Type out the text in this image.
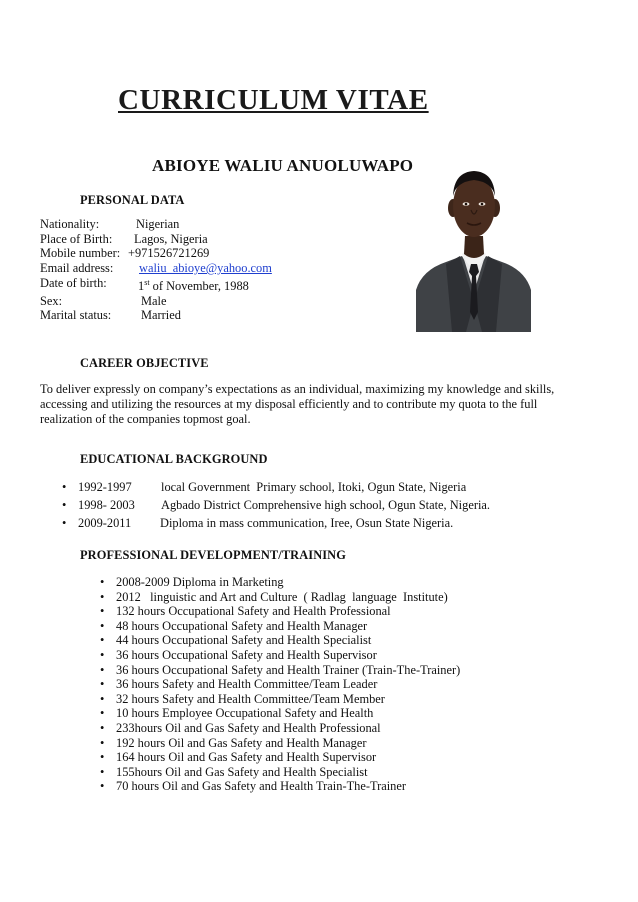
CURRICULUM VITAE
ABIOYE WALIU ANUOLUWAPO
PERSONAL DATA
Nationality:	Nigerian
Place of Birth:	Lagos, Nigeria
Mobile number: +971526721269
Email address:	waliu_abioye@yahoo.com
Date of birth:	1st of November, 1988
Sex:	Male
Marital status:	Married
CAREER OBJECTIVE
To deliver expressly on company’s expectations as an individual, maximizing my knowledge and skills,
accessing and utilizing the resources at my disposal efficiently and to contribute my quota to the full
realization of the companies topmost goal.
EDUCATIONAL BACKGROUND
• 1992-1997	local Government  Primary school, Itoki, Ogun State, Nigeria
• 1998- 2003	Agbado District Comprehensive high school, Ogun State, Nigeria.
• 2009-2011	Diploma in mass communication, Iree, Osun State Nigeria.
PROFESSIONAL DEVELOPMENT/TRAINING
• 2008-2009 Diploma in Marketing
• 2012   linguistic and Art and Culture  ( Radlag  language  Institute)
• 132 hours Occupational Safety and Health Professional
• 48 hours Occupational Safety and Health Manager
• 44 hours Occupational Safety and Health Specialist
• 36 hours Occupational Safety and Health Supervisor
• 36 hours Occupational Safety and Health Trainer (Train-The-Trainer)
• 36 hours Safety and Health Committee/Team Leader
• 32 hours Safety and Health Committee/Team Member
• 10 hours Employee Occupational Safety and Health
• 233hours Oil and Gas Safety and Health Professional
• 192 hours Oil and Gas Safety and Health Manager
• 164 hours Oil and Gas Safety and Health Supervisor
• 155hours Oil and Gas Safety and Health Specialist
• 70 hours Oil and Gas Safety and Health Train-The-Trainer
